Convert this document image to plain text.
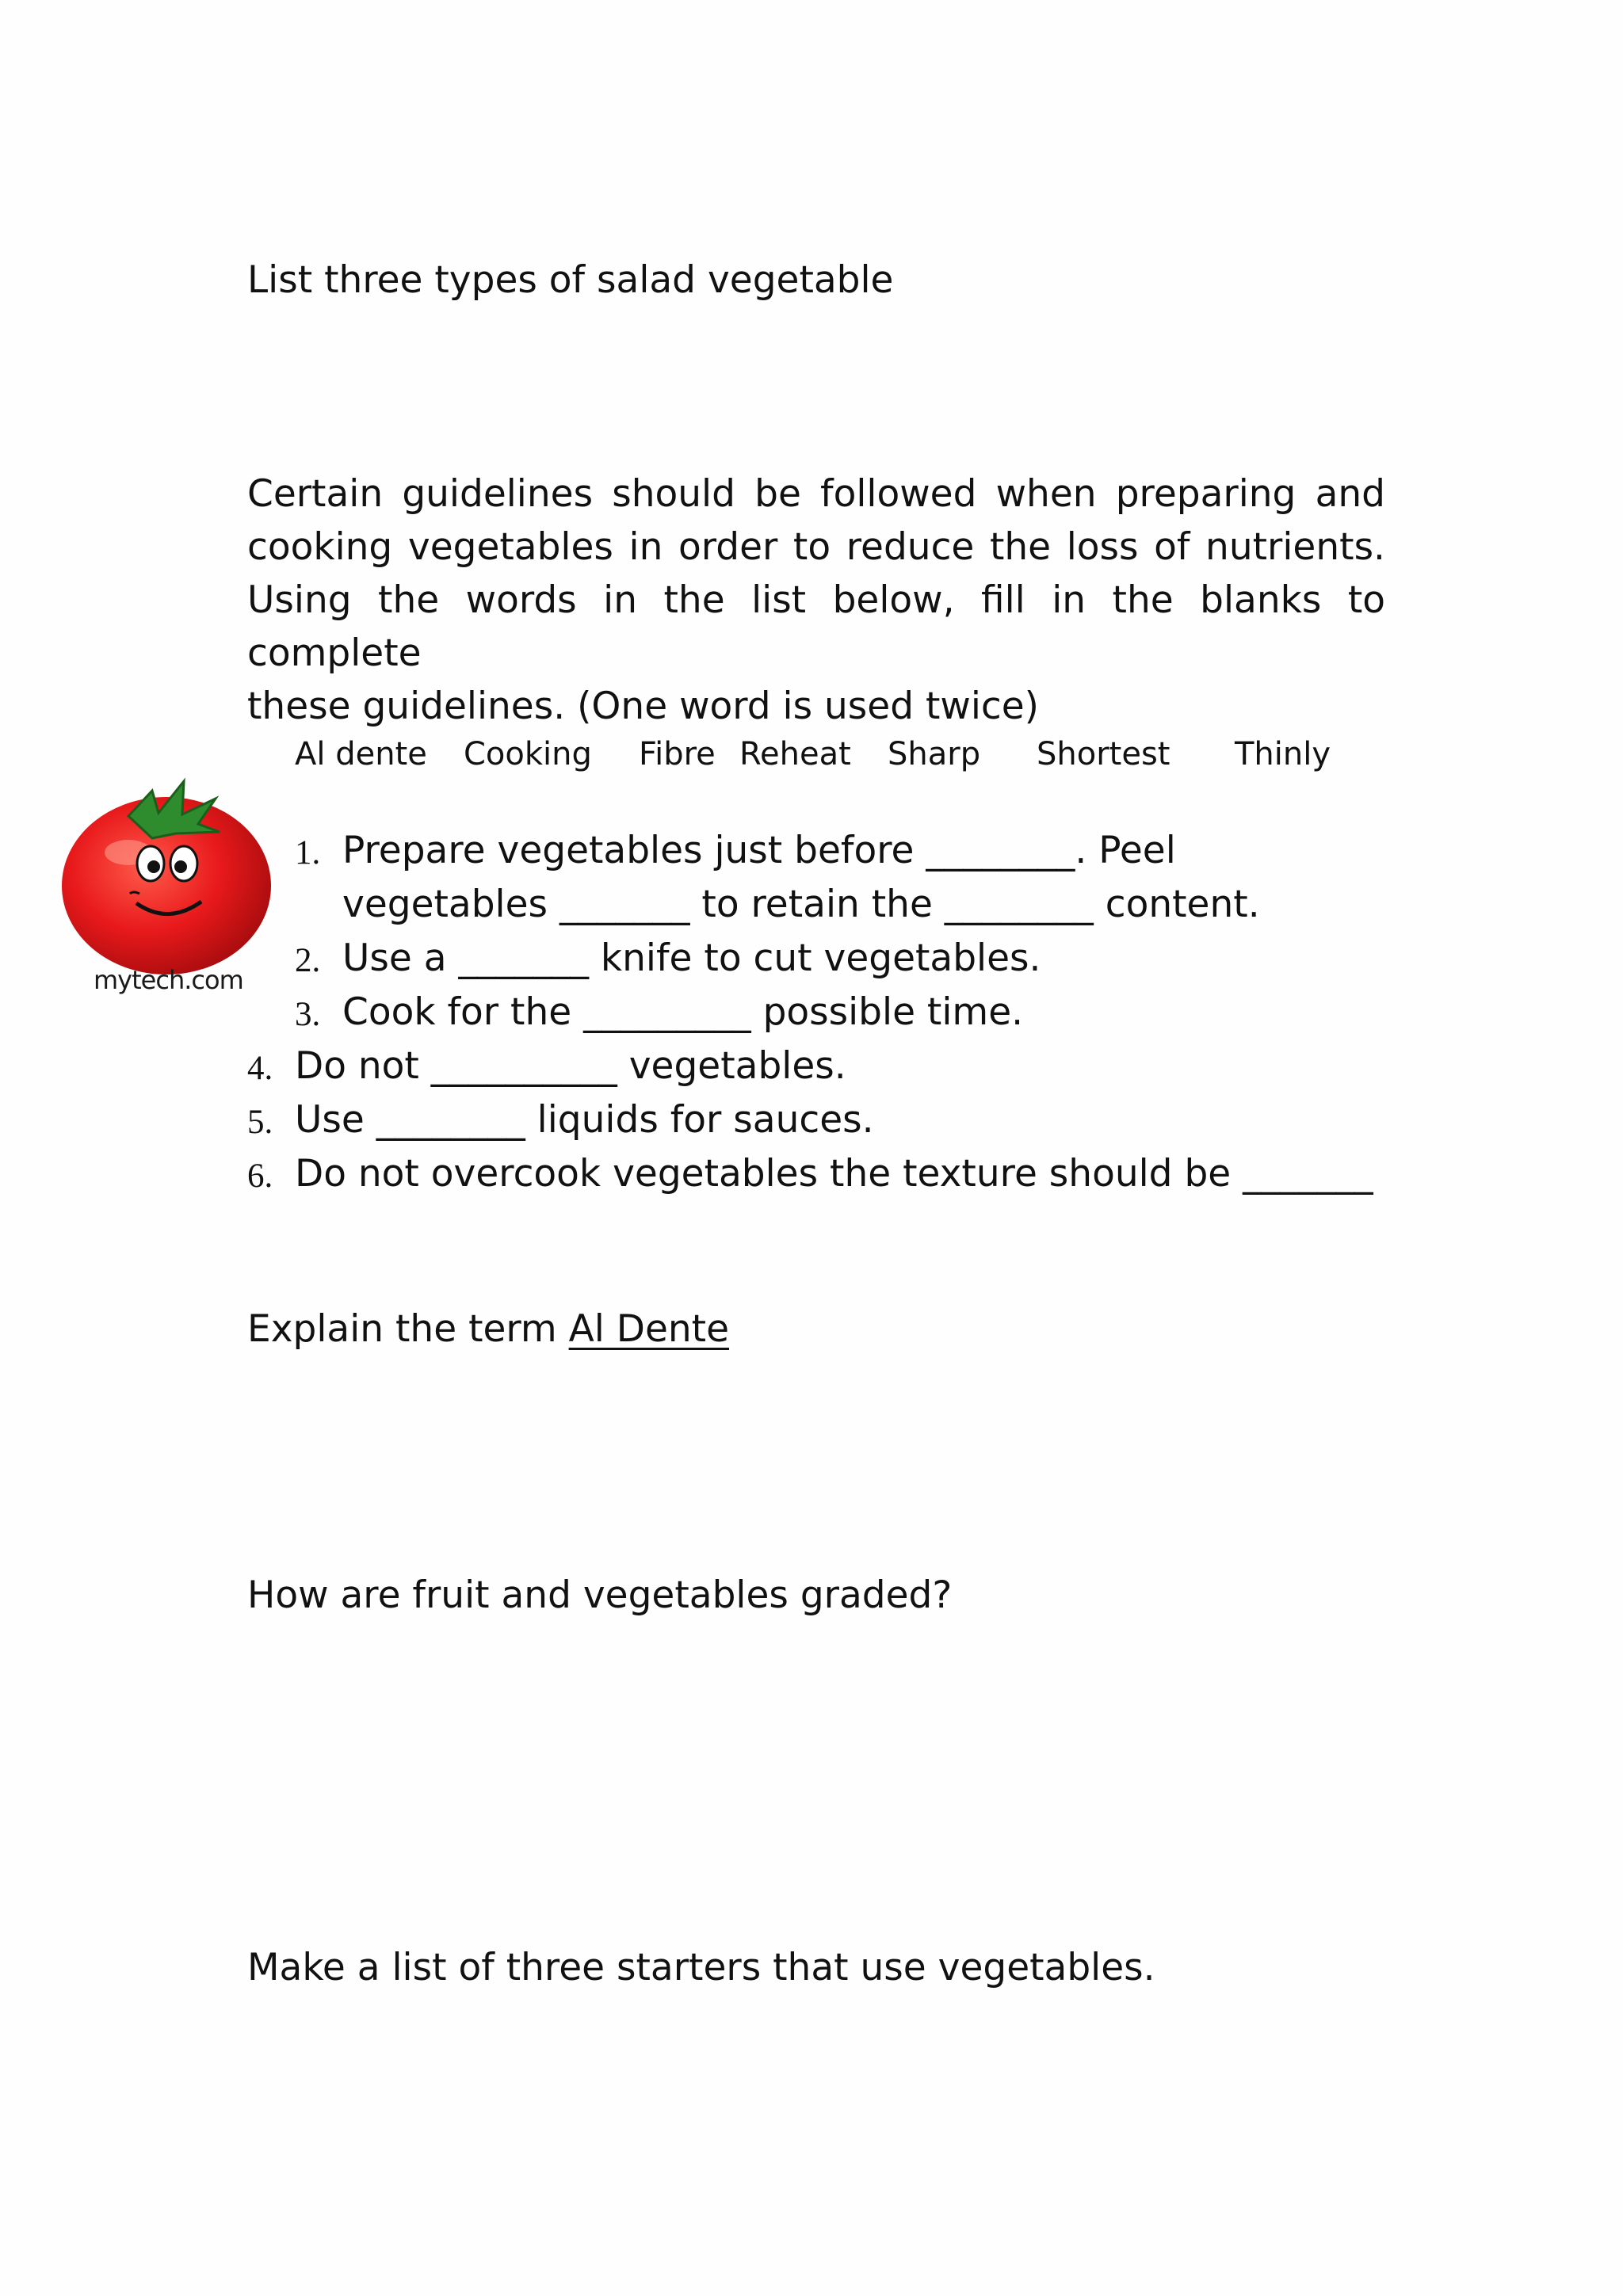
List three types of salad vegetable

Certain guidelines should be followed when preparing and
cooking vegetables in order to reduce the loss of nutrients.
Using the words in the list below, fill in the blanks to complete
these guidelines. (One word is used twice)
Al dente Cooking Fibre Reheat Sharp Shortest Thinly
mytech.com
1. Prepare vegetables just before ________. Peel
vegetables _______ to retain the ________ content.
2. Use a _______ knife to cut vegetables.
3. Cook for the _________ possible time.
4. Do not __________ vegetables.
5. Use ________ liquids for sauces.
6. Do not overcook vegetables the texture should be _______

Explain the term Al Dente

How are fruit and vegetables graded?

Make a list of three starters that use vegetables.
